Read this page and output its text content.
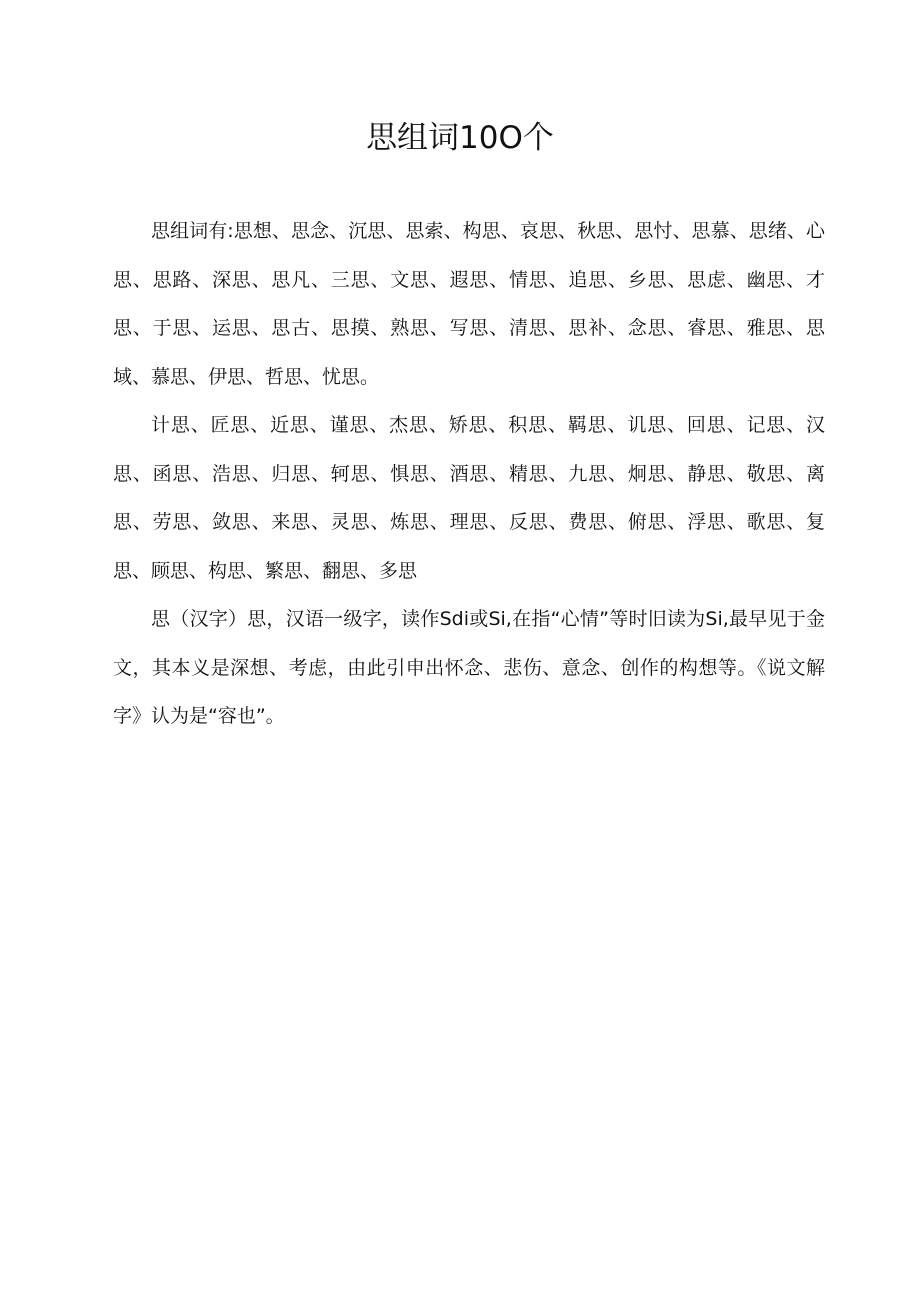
思组词10O个

思组词有:思想、思念、沉思、思索、构思、哀思、秋思、思忖、思慕、思绪、心思、思路、深思、思凡、三思、文思、遐思、情思、追思、乡思、思虑、幽思、才思、于思、运思、思古、思摸、熟思、写思、清思、思补、念思、睿思、雅思、思域、慕思、伊思、哲思、忧思。

计思、匠思、近思、谨思、杰思、矫思、积思、羁思、讥思、回思、记思、汉思、函思、浩思、归思、轲思、惧思、酒思、精思、九思、炯思、静思、敬思、离思、劳思、敛思、来思、灵思、炼思、理思、反思、费思、俯思、浮思、歌思、复思、顾思、构思、繁思、翻思、多思

思（汉字）思，汉语一级字，读作Sdi或Si,在指“心情”等时旧读为Si,最早见于金文，其本义是深想、考虑，由此引申出怀念、悲伤、意念、创作的构想等。《说文解字》认为是“容也”。
